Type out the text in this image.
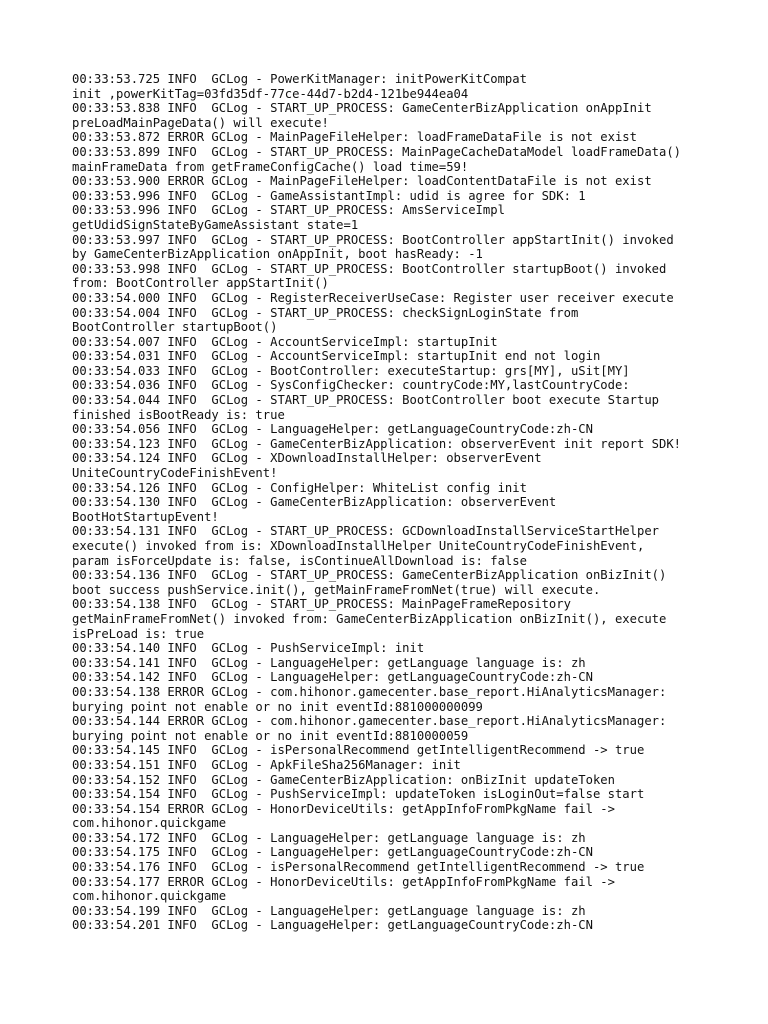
00:33:53.725 INFO  GCLog - PowerKitManager: initPowerKitCompat
init ,powerKitTag=03fd35df-77ce-44d7-b2d4-121be944ea04
00:33:53.838 INFO  GCLog - START_UP_PROCESS: GameCenterBizApplication onAppInit
preLoadMainPageData() will execute!
00:33:53.872 ERROR GCLog - MainPageFileHelper: loadFrameDataFile is not exist
00:33:53.899 INFO  GCLog - START_UP_PROCESS: MainPageCacheDataModel loadFrameData()
mainFrameData from getFrameConfigCache() load time=59!
00:33:53.900 ERROR GCLog - MainPageFileHelper: loadContentDataFile is not exist
00:33:53.996 INFO  GCLog - GameAssistantImpl: udid is agree for SDK: 1
00:33:53.996 INFO  GCLog - START_UP_PROCESS: AmsServiceImpl
getUdidSignStateByGameAssistant state=1
00:33:53.997 INFO  GCLog - START_UP_PROCESS: BootController appStartInit() invoked
by GameCenterBizApplication onAppInit, boot hasReady: -1
00:33:53.998 INFO  GCLog - START_UP_PROCESS: BootController startupBoot() invoked
from: BootController appStartInit()
00:33:54.000 INFO  GCLog - RegisterReceiverUseCase: Register user receiver execute
00:33:54.004 INFO  GCLog - START_UP_PROCESS: checkSignLoginState from
BootController startupBoot()
00:33:54.007 INFO  GCLog - AccountServiceImpl: startupInit
00:33:54.031 INFO  GCLog - AccountServiceImpl: startupInit end not login
00:33:54.033 INFO  GCLog - BootController: executeStartup: grs[MY], uSit[MY]
00:33:54.036 INFO  GCLog - SysConfigChecker: countryCode:MY,lastCountryCode:
00:33:54.044 INFO  GCLog - START_UP_PROCESS: BootController boot execute Startup
finished isBootReady is: true
00:33:54.056 INFO  GCLog - LanguageHelper: getLanguageCountryCode:zh-CN
00:33:54.123 INFO  GCLog - GameCenterBizApplication: observerEvent init report SDK!
00:33:54.124 INFO  GCLog - XDownloadInstallHelper: observerEvent
UniteCountryCodeFinishEvent!
00:33:54.126 INFO  GCLog - ConfigHelper: WhiteList config init
00:33:54.130 INFO  GCLog - GameCenterBizApplication: observerEvent
BootHotStartupEvent!
00:33:54.131 INFO  GCLog - START_UP_PROCESS: GCDownloadInstallServiceStartHelper
execute() invoked from is: XDownloadInstallHelper UniteCountryCodeFinishEvent,
param isForceUpdate is: false, isContinueAllDownload is: false
00:33:54.136 INFO  GCLog - START_UP_PROCESS: GameCenterBizApplication onBizInit()
boot success pushService.init(), getMainFrameFromNet(true) will execute.
00:33:54.138 INFO  GCLog - START_UP_PROCESS: MainPageFrameRepository
getMainFrameFromNet() invoked from: GameCenterBizApplication onBizInit(), execute
isPreLoad is: true
00:33:54.140 INFO  GCLog - PushServiceImpl: init
00:33:54.141 INFO  GCLog - LanguageHelper: getLanguage language is: zh
00:33:54.142 INFO  GCLog - LanguageHelper: getLanguageCountryCode:zh-CN
00:33:54.138 ERROR GCLog - com.hihonor.gamecenter.base_report.HiAnalyticsManager:
burying point not enable or no init eventId:881000000099
00:33:54.144 ERROR GCLog - com.hihonor.gamecenter.base_report.HiAnalyticsManager:
burying point not enable or no init eventId:8810000059
00:33:54.145 INFO  GCLog - isPersonalRecommend getIntelligentRecommend -> true
00:33:54.151 INFO  GCLog - ApkFileSha256Manager: init
00:33:54.152 INFO  GCLog - GameCenterBizApplication: onBizInit updateToken
00:33:54.154 INFO  GCLog - PushServiceImpl: updateToken isLoginOut=false start
00:33:54.154 ERROR GCLog - HonorDeviceUtils: getAppInfoFromPkgName fail ->
com.hihonor.quickgame
00:33:54.172 INFO  GCLog - LanguageHelper: getLanguage language is: zh
00:33:54.175 INFO  GCLog - LanguageHelper: getLanguageCountryCode:zh-CN
00:33:54.176 INFO  GCLog - isPersonalRecommend getIntelligentRecommend -> true
00:33:54.177 ERROR GCLog - HonorDeviceUtils: getAppInfoFromPkgName fail ->
com.hihonor.quickgame
00:33:54.199 INFO  GCLog - LanguageHelper: getLanguage language is: zh
00:33:54.201 INFO  GCLog - LanguageHelper: getLanguageCountryCode:zh-CN
